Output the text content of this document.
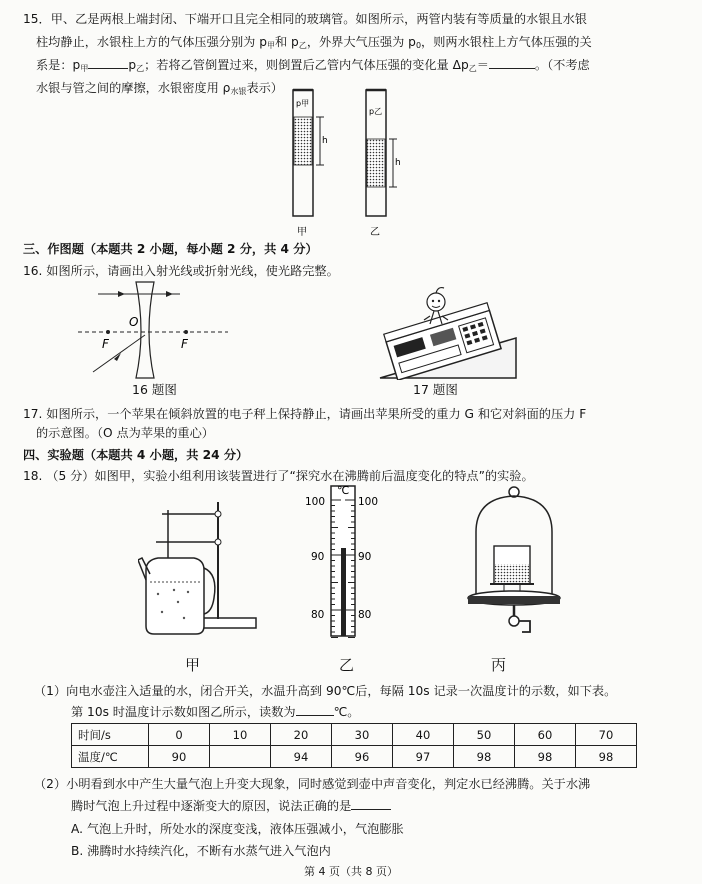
15．甲、乙是两根上端封闭、下端开口且完全相同的玻璃管。如图所示，两管内装有等质量的水银且水银
柱均静止，水银柱上方的气体压强分别为 $p_甲$和 $p_乙$，外界大气压强为 $p_0$，则两水银柱上方气体压强的关
系是：$p_甲$	$p_乙$；若将乙管倒置过来，则倒置后乙管内气体压强的变化量 $\Delta p_乙=$	。（不考虑
水银与管之间的摩擦，水银密度用 $\rho_{水银}$表示）
p甲
h
p乙
h
甲	乙
三、作图题（本题共 2 小题，每小题 2 分，共 4 分）
16. 如图所示，请画出入射光线或折射光线，使光路完整。
F	F
O
16 题图	17 题图
17. 如图所示，一个苹果在倾斜放置的电子秤上保持静止，请画出苹果所受的重力 G 和它对斜面的压力 F
的示意图。（O 点为苹果的重心）
四、实验题（本题共 4 小题，共 24 分）
18. （5 分）如图甲，实验小组利用该装置进行了“探究水在沸腾前后温度变化的特点”的实验。
℃
100	100
90	90
80	80
甲	乙	丙
（1）向电水壶注入适量的水，闭合开关，水温升高到 90℃后，每隔 10s 记录一次温度计的示数，如下表。
第 10s 时温度计示数如图乙所示，读数为	℃。
时间/s	0	10	20	30	40	50	60	70
温度/℃	90		94	96	97	98	98	98
（2）小明看到水中产生大量气泡上升变大现象，同时感觉到壶中声音变化，判定水已经沸腾。关于水沸
腾时气泡上升过程中逐渐变大的原因，说法正确的是
A. 气泡上升时，所处水的深度变浅，液体压强减小，气泡膨胀
B. 沸腾时水持续汽化，不断有水蒸气进入气泡内
第 4 页（共 8 页）
